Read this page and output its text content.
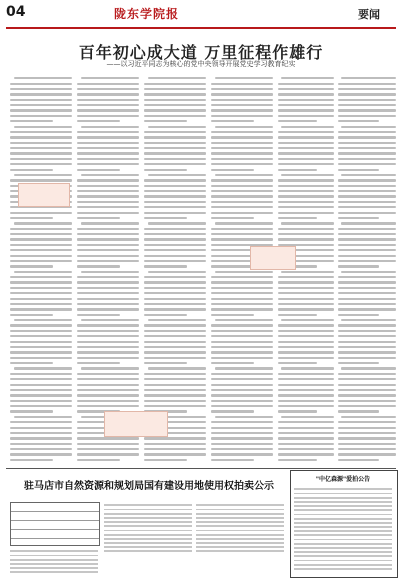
04	陇东学院报	要闻
百年初心成大道 万里征程作雄行
——以习近平同志为核心的党中央领导开展党史学习教育纪实
驻马店市自然资源和规划局国有建设用地使用权拍卖公示
"中亿森源"爱拍公告
